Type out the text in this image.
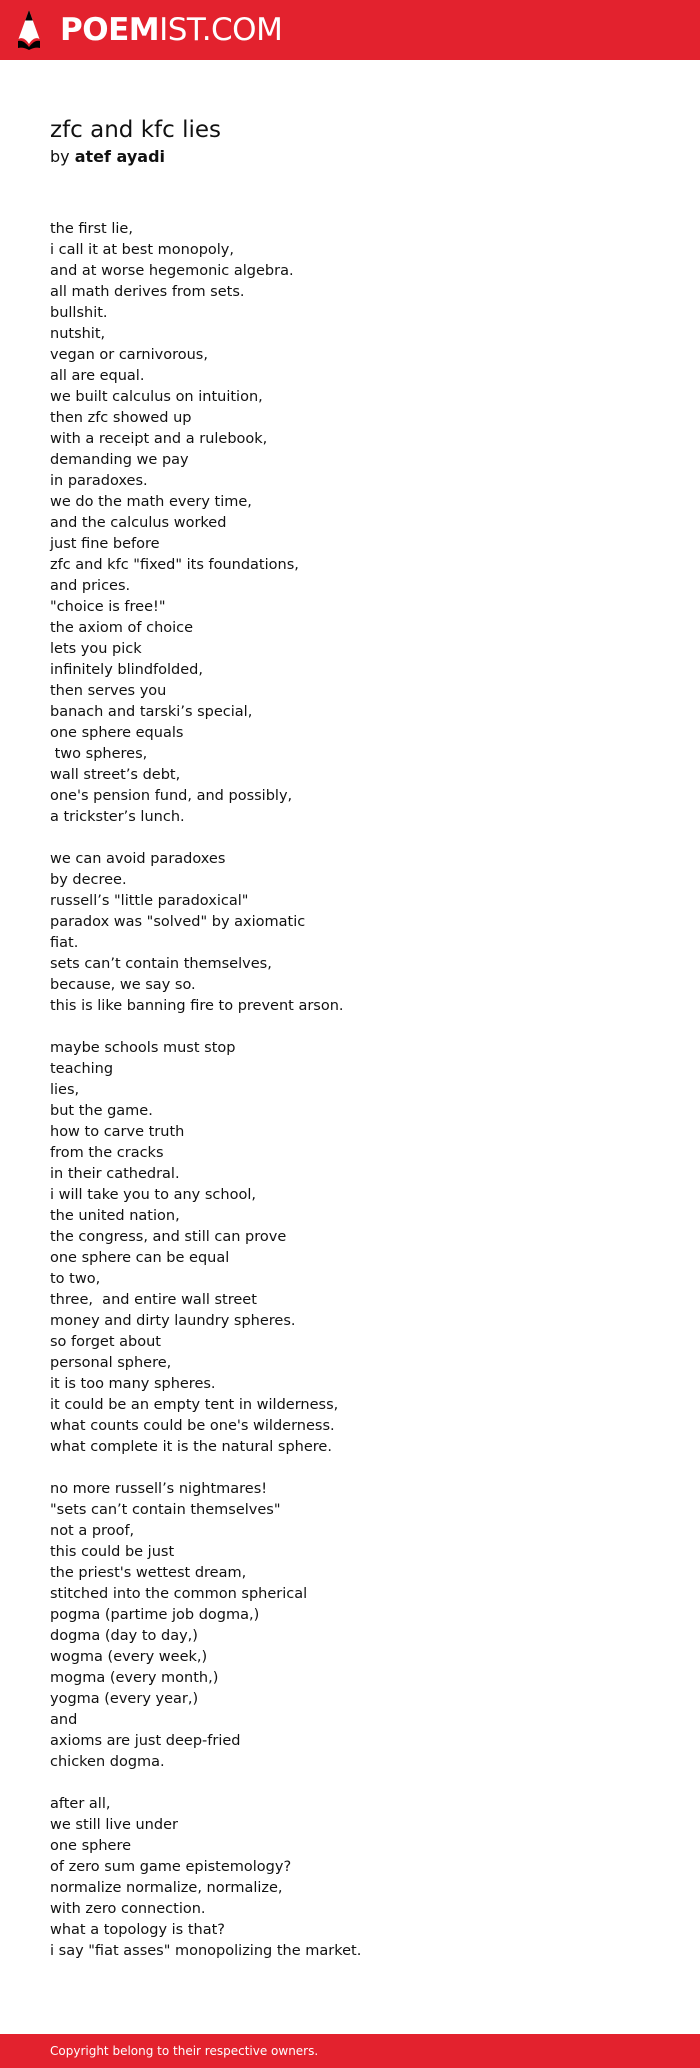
POEMIST.COM
zfc and kfc lies
by atef ayadi
the first lie,
i call it at best monopoly,
and at worse hegemonic algebra.
all math derives from sets.
bullshit.
nutshit,
vegan or carnivorous,
all are equal.
we built calculus on intuition,
then zfc showed up
with a receipt and a rulebook,
demanding we pay
in paradoxes.
we do the math every time,
and the calculus worked
just fine before
zfc and kfc "fixed" its foundations,
and prices.
"choice is free!"
the axiom of choice
lets you pick
infinitely blindfolded,
then serves you
banach and tarski’s special,
one sphere equals
two spheres,
wall street’s debt,
one's pension fund, and possibly,
a trickster’s lunch.

we can avoid paradoxes
by decree.
russell’s "little paradoxical"
paradox was "solved" by axiomatic
fiat.
sets can’t contain themselves,
because, we say so.
this is like banning fire to prevent arson.

maybe schools must stop
teaching
lies,
but the game.
how to carve truth
from the cracks
in their cathedral.
i will take you to any school,
the united nation,
the congress, and still can prove
one sphere can be equal
to two,
three,  and entire wall street
money and dirty laundry spheres.
so forget about
personal sphere,
it is too many spheres.
it could be an empty tent in wilderness,
what counts could be one's wilderness.
what complete it is the natural sphere.

no more russell’s nightmares!
"sets can’t contain themselves"
not a proof,
this could be just
the priest's wettest dream,
stitched into the common spherical
pogma (partime job dogma,)
dogma (day to day,)
wogma (every week,)
mogma (every month,)
yogma (every year,)
and
axioms are just deep-fried
chicken dogma.

after all,
we still live under
one sphere
of zero sum game epistemology?
normalize normalize, normalize,
with zero connection.
what a topology is that?
i say "fiat asses" monopolizing the market.
Copyright belong to their respective owners.
